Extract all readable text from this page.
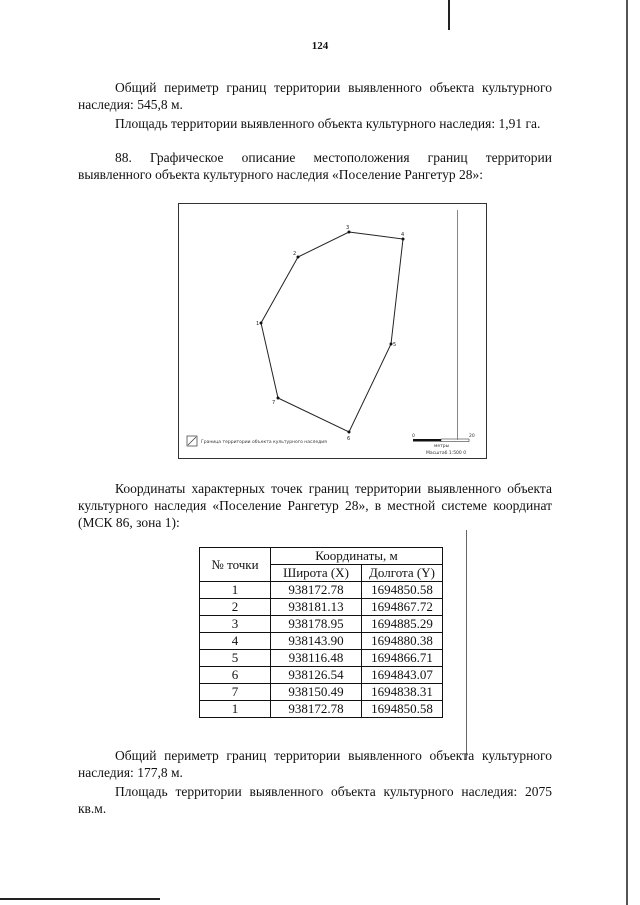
124

Общий периметр границ территории выявленного объекта культурного наследия: 545,8 м.

Площадь территории выявленного объекта культурного наследия: 1,91 га.

88. Графическое описание местоположения границ территории выявленного объекта культурного наследия «Поселение Рангетур 28»:

1
2
3
4
5
6
7
Граница территории объекта культурного наследия
0	20
метры
Масштаб 1:500 0

Координаты характерных точек границ территории выявленного объекта культурного наследия «Поселение Рангетур 28», в местной системе координат (МСК 86, зона 1):

№ точки	Координаты, м	
	Широта (X)	Долгота (Y)
1	938172.78	1694850.58
2	938181.13	1694867.72
3	938178.95	1694885.29
4	938143.90	1694880.38
5	938116.48	1694866.71
6	938126.54	1694843.07
7	938150.49	1694838.31
1	938172.78	1694850.58

Общий периметр границ территории выявленного объекта культурного наследия: 177,8 м.

Площадь территории выявленного объекта культурного наследия: 2075 кв.м.
